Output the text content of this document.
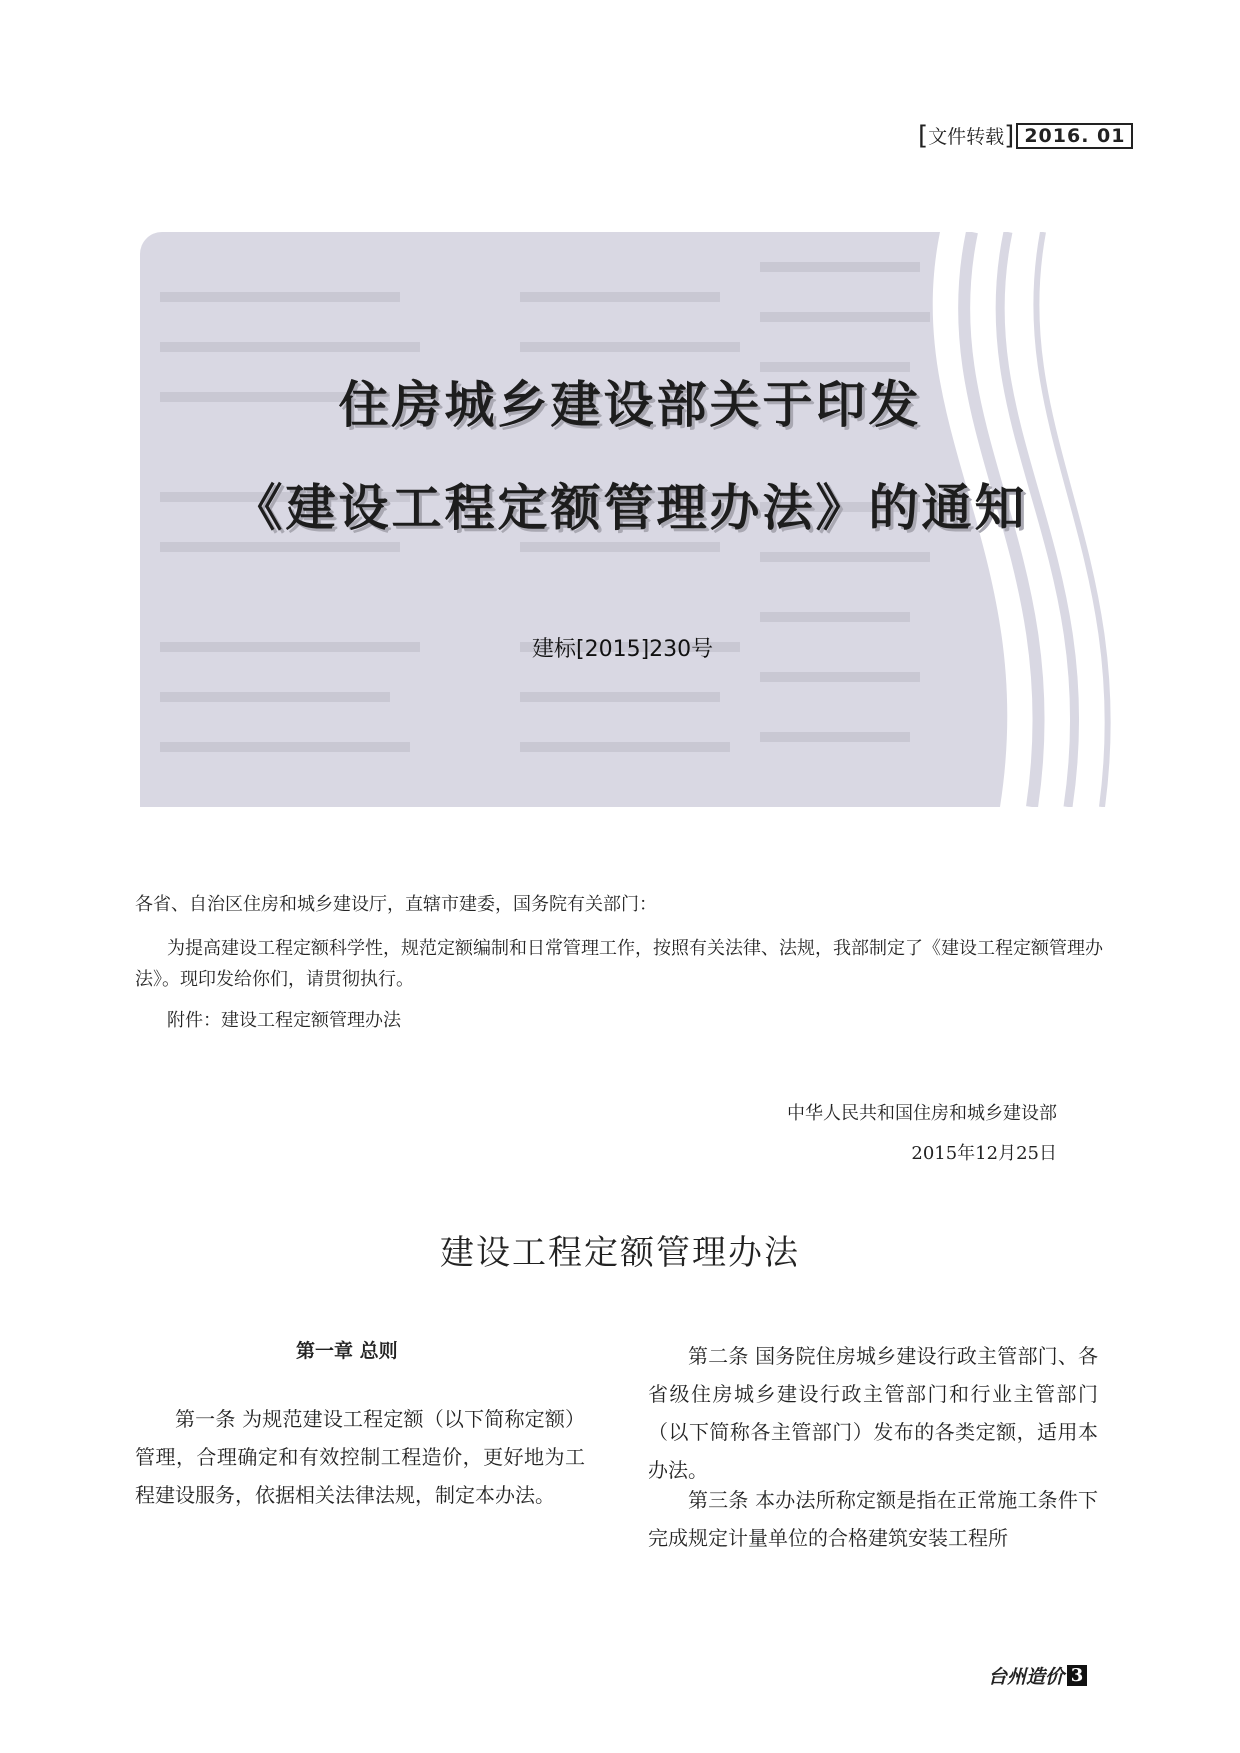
[ 文件转载 ] 2016. 01
住房城乡建设部关于印发
《建设工程定额管理办法》的通知
建标[2015]230号
各省、自治区住房和城乡建设厅，直辖市建委，国务院有关部门：
为提高建设工程定额科学性，规范定额编制和日常管理工作，按照有关法律、法规，我部制定了《建设工程定额管理办法》。现印发给你们，请贯彻执行。
附件：建设工程定额管理办法
中华人民共和国住房和城乡建设部
2015年12月25日
建设工程定额管理办法
第一章 总则
第一条 为规范建设工程定额（以下简称定额）管理，合理确定和有效控制工程造价，更好地为工程建设服务，依据相关法律法规，制定本办法。
第二条 国务院住房城乡建设行政主管部门、各省级住房城乡建设行政主管部门和行业主管部门（以下简称各主管部门）发布的各类定额，适用本办法。
第三条 本办法所称定额是指在正常施工条件下完成规定计量单位的合格建筑安装工程所
台州造价 3
